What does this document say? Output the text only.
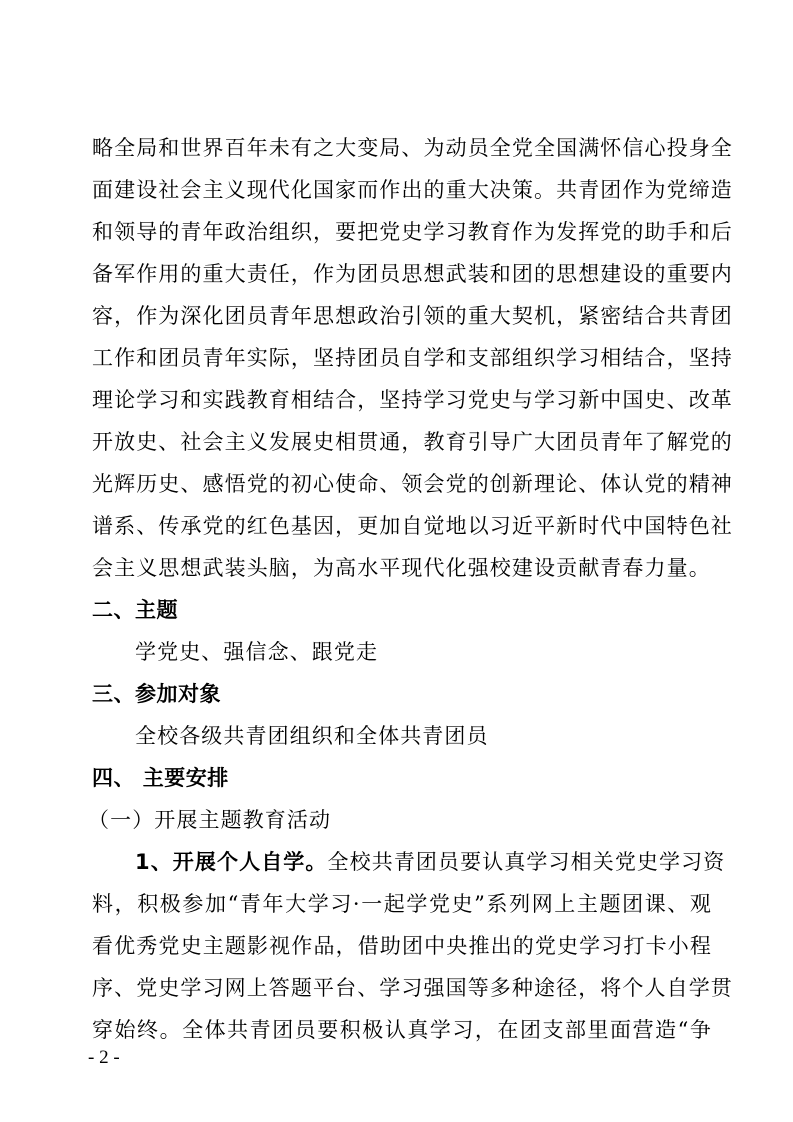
略全局和世界百年未有之大变局、为动员全党全国满怀信心投身全
面建设社会主义现代化国家而作出的重大决策。共青团作为党缔造
和领导的青年政治组织，要把党史学习教育作为发挥党的助手和后
备军作用的重大责任，作为团员思想武装和团的思想建设的重要内
容，作为深化团员青年思想政治引领的重大契机，紧密结合共青团
工作和团员青年实际，坚持团员自学和支部组织学习相结合，坚持
理论学习和实践教育相结合，坚持学习党史与学习新中国史、改革
开放史、社会主义发展史相贯通，教育引导广大团员青年了解党的
光辉历史、感悟党的初心使命、领会党的创新理论、体认党的精神
谱系、传承党的红色基因，更加自觉地以习近平新时代中国特色社
会主义思想武装头脑，为高水平现代化强校建设贡献青春力量。
二、主题
学党史、强信念、跟党走
三、参加对象
全校各级共青团组织和全体共青团员
四、 主要安排
（一）开展主题教育活动
1、开展个人自学。全校共青团员要认真学习相关党史学习资
料，积极参加“青年大学习·一起学党史”系列网上主题团课、观
看优秀党史主题影视作品，借助团中央推出的党史学习打卡小程
序、党史学习网上答题平台、学习强国等多种途径，将个人自学贯
穿始终。全体共青团员要积极认真学习，在团支部里面营造“争
- 2 -
